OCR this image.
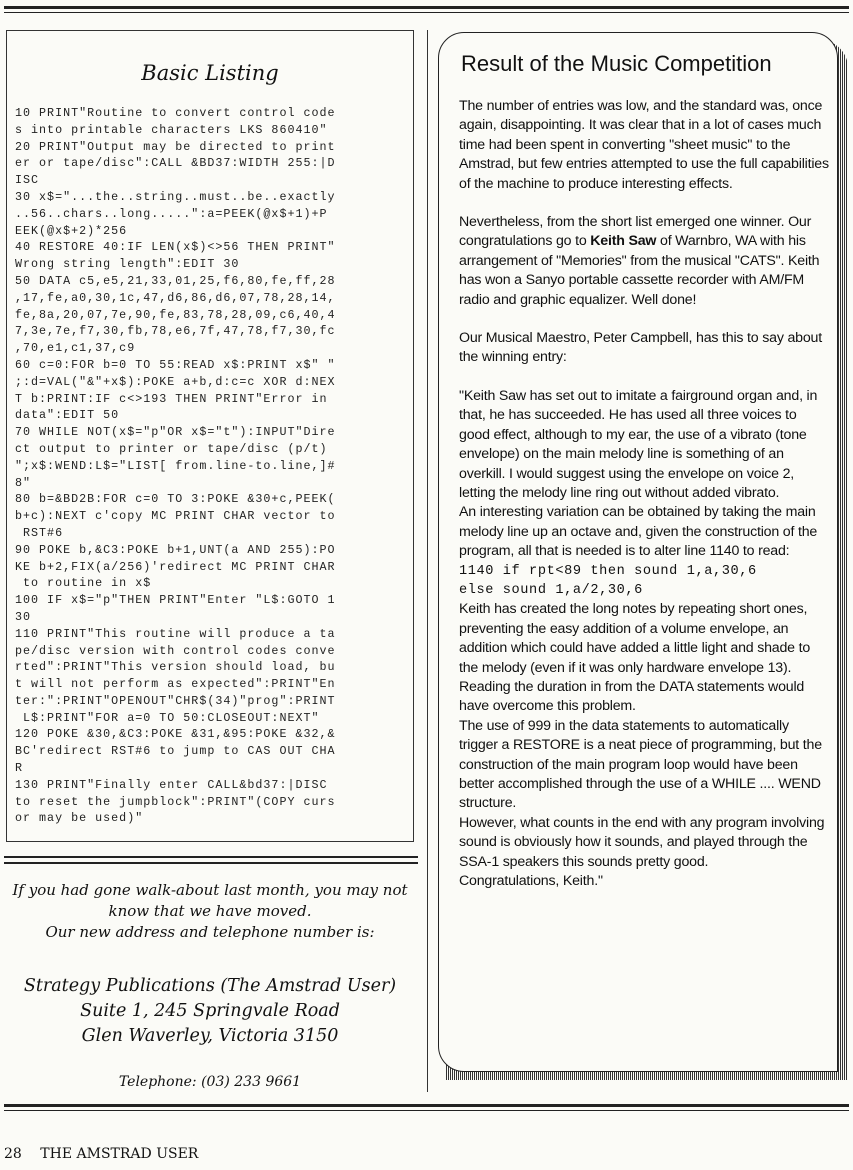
Basic Listing
10 PRINT"Routine to convert control code
s into printable characters LKS 860410"
20 PRINT"Output may be directed to print
er or tape/disc":CALL &BD37:WIDTH 255:|D
ISC
30 x$="...the..string..must..be..exactly
..56..chars..long.....":a=PEEK(@x$+1)+P
EEK(@x$+2)*256
40 RESTORE 40:IF LEN(x$)<>56 THEN PRINT"
Wrong string length":EDIT 30
50 DATA c5,e5,21,33,01,25,f6,80,fe,ff,28
,17,fe,a0,30,1c,47,d6,86,d6,07,78,28,14,
fe,8a,20,07,7e,90,fe,83,78,28,09,c6,40,4
7,3e,7e,f7,30,fb,78,e6,7f,47,78,f7,30,fc
,70,e1,c1,37,c9
60 c=0:FOR b=0 TO 55:READ x$:PRINT x$" "
;:d=VAL("&"+x$):POKE a+b,d:c=c XOR d:NEX
T b:PRINT:IF c<>193 THEN PRINT"Error in
data":EDIT 50
70 WHILE NOT(x$="p"OR x$="t"):INPUT"Dire
ct output to printer or tape/disc (p/t)
";x$:WEND:L$="LIST[ from.line-to.line,]#
8"
80 b=&BD2B:FOR c=0 TO 3:POKE &30+c,PEEK(
b+c):NEXT c'copy MC PRINT CHAR vector to
RST#6
90 POKE b,&C3:POKE b+1,UNT(a AND 255):PO
KE b+2,FIX(a/256)'redirect MC PRINT CHAR
to routine in x$
100 IF x$="p"THEN PRINT"Enter "L$:GOTO 1
30
110 PRINT"This routine will produce a ta
pe/disc version with control codes conve
rted":PRINT"This version should load, bu
t will not perform as expected":PRINT"En
ter:":PRINT"OPENOUT"CHR$(34)"prog":PRINT
L$:PRINT"FOR a=0 TO 50:CLOSEOUT:NEXT"
120 POKE &30,&C3:POKE &31,&95:POKE &32,&
BC'redirect RST#6 to jump to CAS OUT CHA
R
130 PRINT"Finally enter CALL&bd37:|DISC
to reset the jumpblock":PRINT"(COPY curs
or may be used)"

If you had gone walk-about last month, you may not

know that we have moved.

Our new address and telephone number is:

Strategy Publications (The Amstrad User)

Suite 1, 245 Springvale Road

Glen Waverley, Victoria 3150

Telephone: (03) 233 9661
Result of the Music Competition

The number of entries was low, and the standard was, once again, disappointing. It was clear that in a lot of cases much time had been spent in converting "sheet music" to the Amstrad, but few entries attempted to use the full capabilities of the machine to produce interesting effects.

Nevertheless, from the short list emerged one winner. Our congratulations go to Keith Saw of Warnbro, WA with his arrangement of "Memories" from the musical "CATS". Keith has won a Sanyo portable cassette recorder with AM/FM radio and graphic equalizer. Well done!

Our Musical Maestro, Peter Campbell, has this to say about the winning entry:

"Keith Saw has set out to imitate a fairground organ and, in that, he has succeeded. He has used all three voices to good effect, although to my ear, the use of a vibrato (tone envelope) on the main melody line is something of an overkill. I would suggest using the envelope on voice 2, letting the melody line ring out without added vibrato.

An interesting variation can be obtained by taking the main melody line up an octave and, given the construction of the program, all that is needed is to alter line 1140 to read:

1140 if rpt<89 then sound 1,a,30,6

else sound 1,a/2,30,6

Keith has created the long notes by repeating short ones, preventing the easy addition of a volume envelope, an addition which could have added a little light and shade to the melody (even if it was only hardware envelope 13). Reading the duration in from the DATA statements would have overcome this problem.

The use of 999 in the data statements to automatically trigger a RESTORE is a neat piece of programming, but the construction of the main program loop would have been better accomplished through the use of a WHILE .... WEND structure.

However, what counts in the end with any program involving sound is obviously how it sounds, and played through the SSA-1 speakers this sounds pretty good.

Congratulations, Keith."

28 THE AMSTRAD USER
